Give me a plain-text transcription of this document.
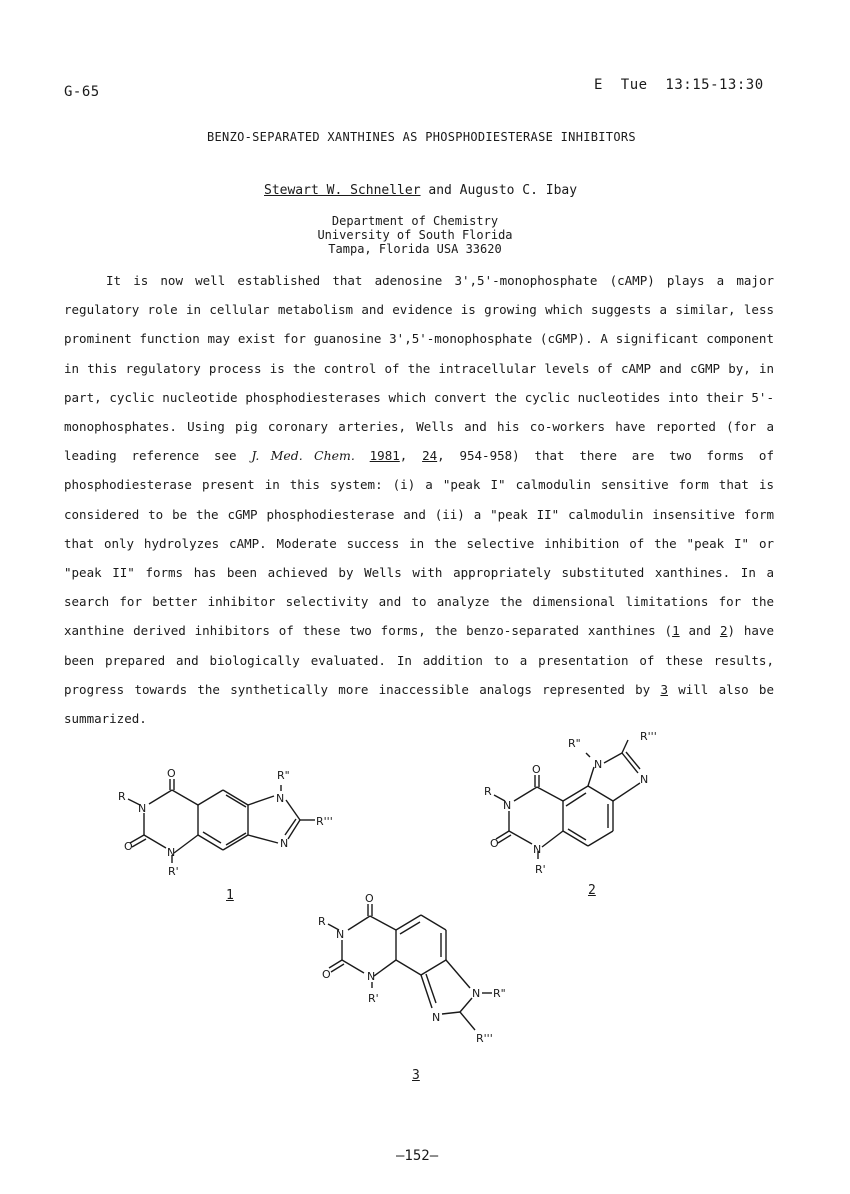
G-65	E  Tue  13:15-13:30
BENZO-SEPARATED XANTHINES AS PHOSPHODIESTERASE INHIBITORS
Stewart W. Schneller and Augusto C. Ibay
Department of Chemistry
University of South Florida
Tampa, Florida USA 33620

It is now well established that adenosine 3',5'-monophosphate (cAMP) plays a major regulatory role in cellular metabolism and evidence is growing which suggests a similar, less prominent function may exist for guanosine 3',5'-monophosphate (cGMP). A significant component in this regulatory process is the control of the intracellular levels of cAMP and cGMP by, in part, cyclic nucleotide phosphodiesterases which convert the cyclic nucleotides into their 5'-monophosphates. Using pig coronary arteries, Wells and his co-workers have reported (for a leading reference see J. Med. Chem. 1981, 24, 954-958) that there are two forms of phosphodiesterase present in this system: (i) a "peak I" calmodulin sensitive form that is considered to be the cGMP phosphodiesterase and (ii) a "peak II" calmodulin insensitive form that only hydrolyzes cAMP. Moderate success in the selective inhibition of the "peak I" or "peak II" forms has been achieved by Wells with appropriately substituted xanthines. In a search for better inhibitor selectivity and to analyze the dimensional limitations for the xanthine derived inhibitors of these two forms, the benzo-separated xanthines (1 and 2) have been prepared and biologically evaluated. In addition to a presentation of these results, progress towards the synthetically more inaccessible analogs represented by 3 will also be summarized.

O
R
N
O	N
R'
R"
N
N
R'''
1
O
R
N
O	N
R'
R"
N
N
R'''
2
O
R
N
O	N
R'	N R"
N
R'''
3
—152—
